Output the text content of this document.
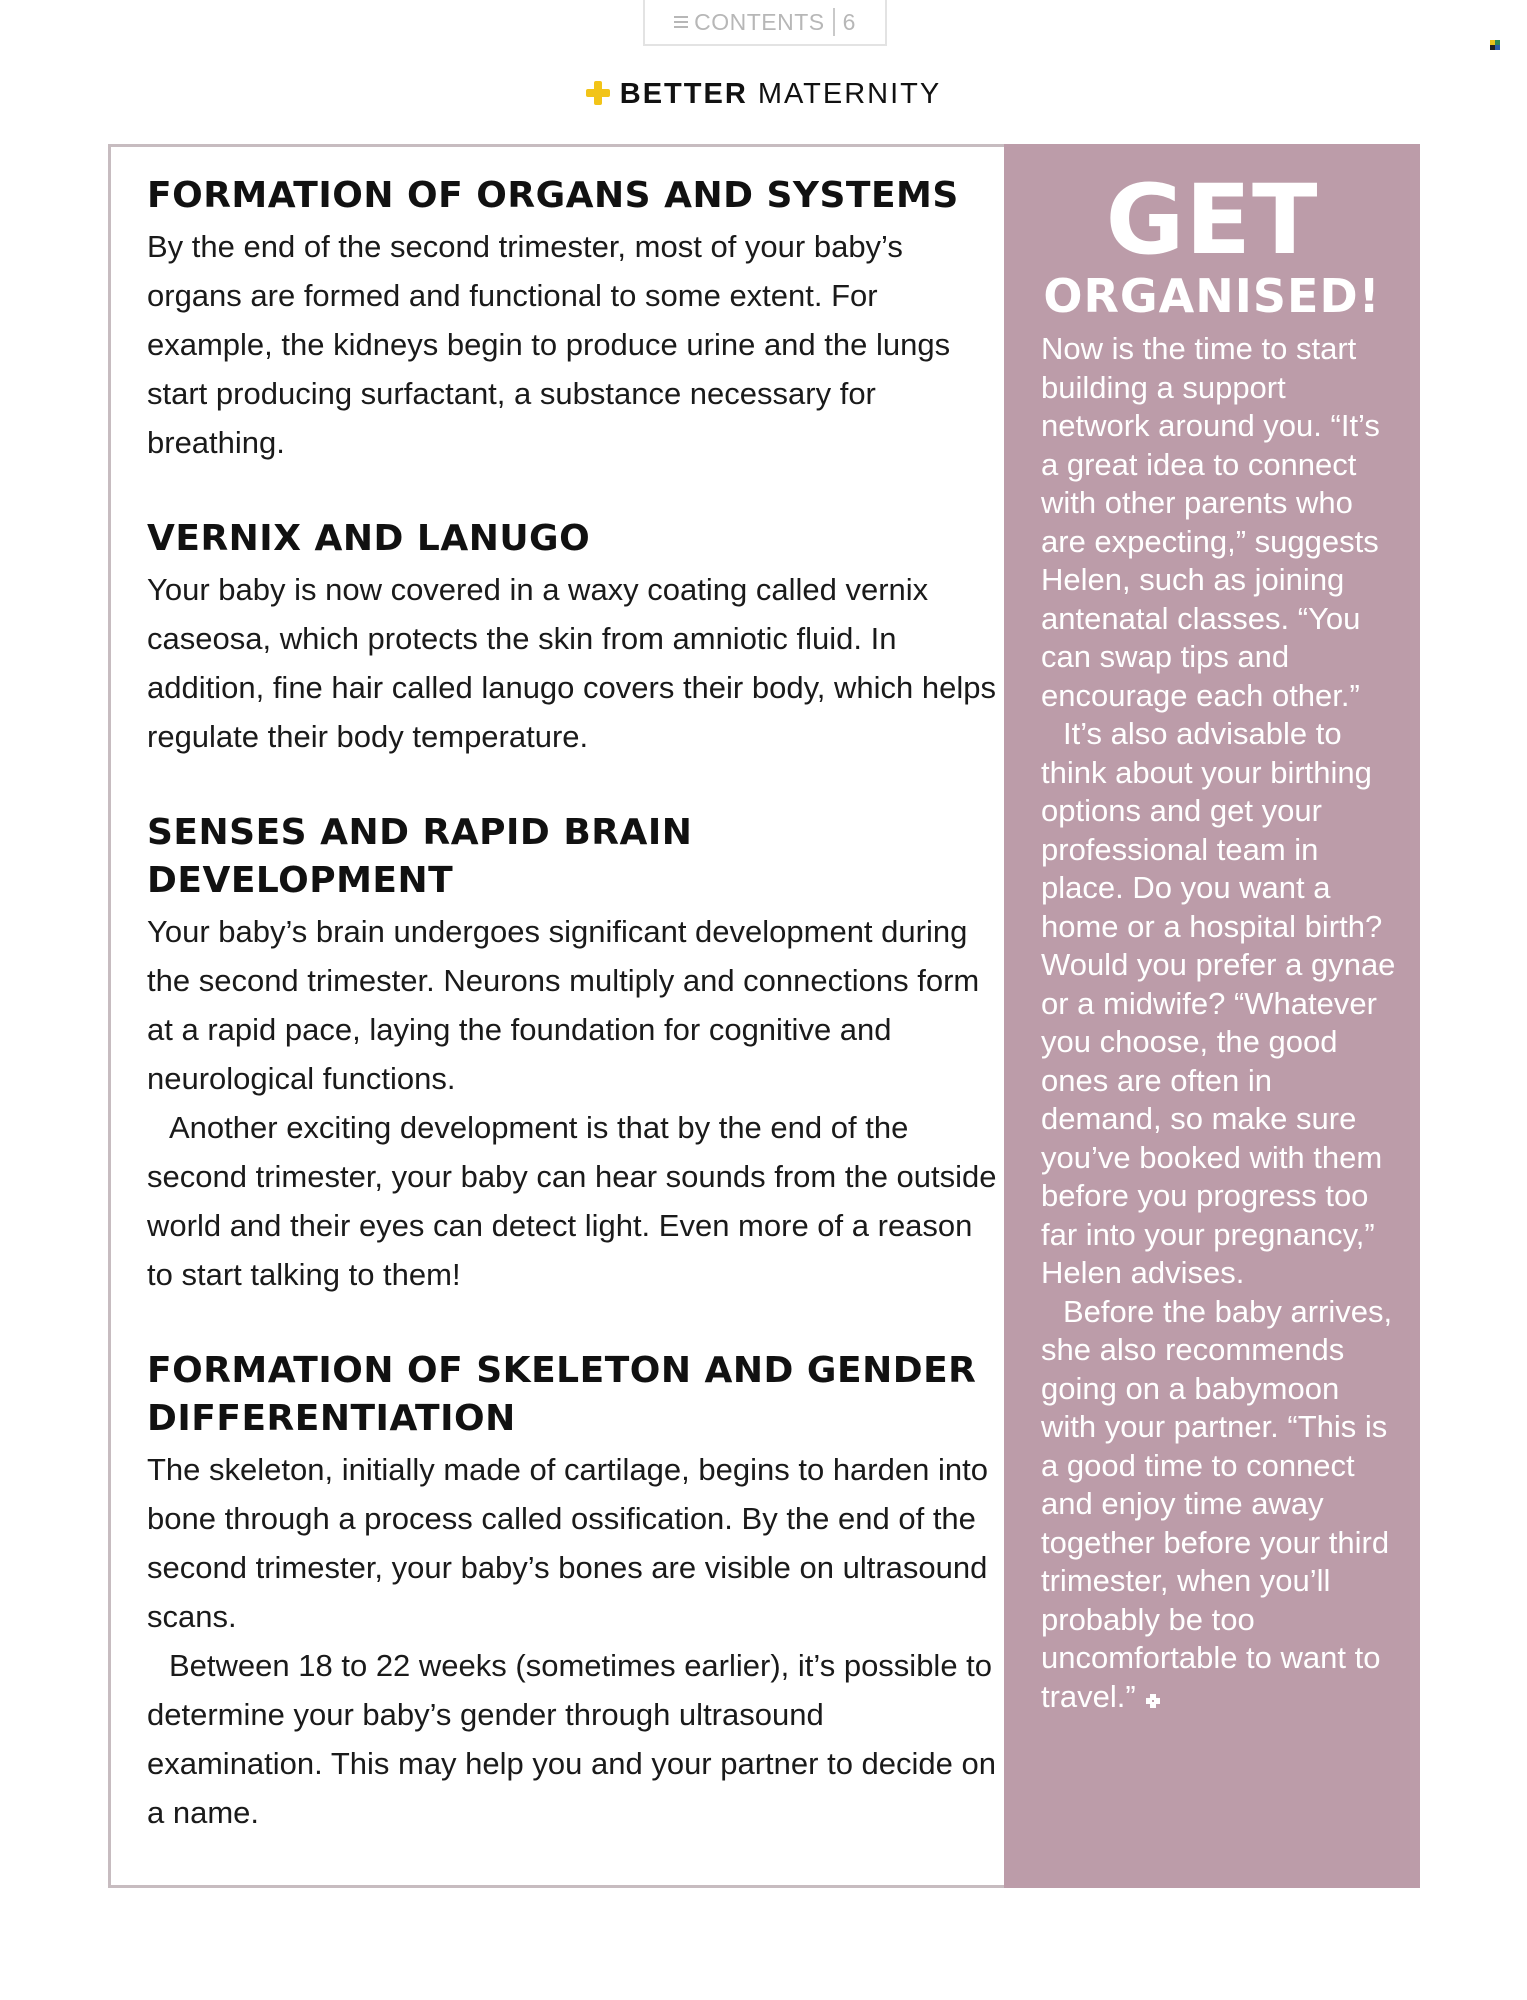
CONTENTS 6
BETTER MATERNITY
FORMATION OF ORGANS AND SYSTEMS

By the end of the second trimester, most of your baby’s organs are formed and functional to some extent. For example, the kidneys begin to produce urine and the lungs start producing surfactant, a substance necessary for breathing.

VERNIX AND LANUGO

Your baby is now covered in a waxy coating called vernix caseosa, which protects the skin from amniotic fluid. In addition, fine hair called lanugo covers their body, which helps regulate their body temperature.

SENSES AND RAPID BRAIN DEVELOPMENT

Your baby’s brain undergoes significant development during the second trimester. Neurons multiply and connections form at a rapid pace, laying the foundation for cognitive and neurological functions.

Another exciting development is that by the end of the second trimester, your baby can hear sounds from the outside world and their eyes can detect light. Even more of a reason to start talking to them!

FORMATION OF SKELETON AND GENDER DIFFERENTIATION

The skeleton, initially made of cartilage, begins to harden into bone through a process called ossification. By the end of the second trimester, your baby’s bones are visible on ultrasound scans.

Between 18 to 22 weeks (sometimes earlier), it’s possible to determine your baby’s gender through ultrasound examination. This may help you and your partner to decide on a name.

GET
ORGANISED!

Now is the time to start building a support network around you. “It’s a great idea to connect with other parents who are expecting,” suggests Helen, such as joining antenatal classes. “You can swap tips and encourage each other.”

It’s also advisable to think about your birthing options and get your professional team in place. Do you want a home or a hospital birth? Would you prefer a gynae or a midwife? “Whatever you choose, the good ones are often in demand, so make sure you’ve booked with them before you progress too far into your pregnancy,” Helen advises.

Before the baby arrives, she also recommends going on a babymoon with your partner. “This is a good time to connect and enjoy time away together before your third trimester, when you’ll probably be too uncomfortable to want to travel.”
